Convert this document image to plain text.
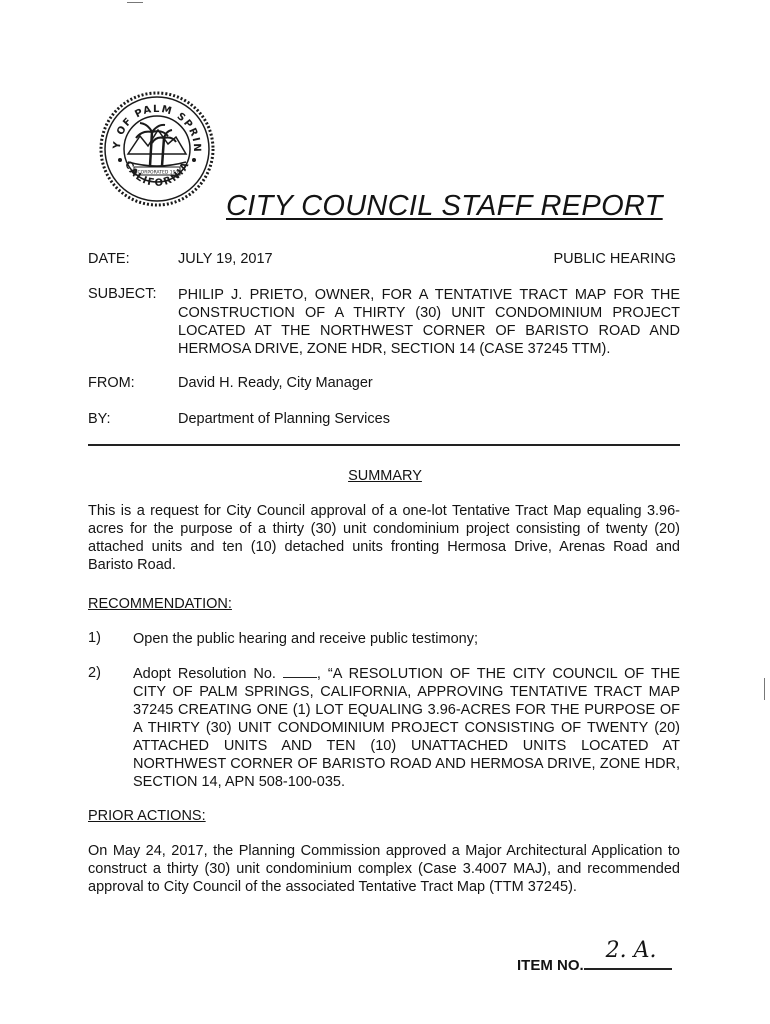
Y OF PALM SPRIN
CALIFORNIA
INCORPORATED 1938
CITY COUNCIL STAFF REPORT
DATE:	JULY 19, 2017	PUBLIC HEARING
SUBJECT: PHILIP J. PRIETO, OWNER, FOR A TENTATIVE TRACT MAP FOR THE CONSTRUCTION OF A THIRTY (30) UNIT CONDOMINIUM PROJECT LOCATED AT THE NORTHWEST CORNER OF BARISTO ROAD AND HERMOSA DRIVE, ZONE HDR, SECTION 14 (CASE 37245 TTM).
FROM:	David H. Ready, City Manager
BY:	Department of Planning Services
SUMMARY
This is a request for City Council approval of a one-lot Tentative Tract Map equaling 3.96-acres for the purpose of a thirty (30) unit condominium project consisting of twenty (20) attached units and ten (10) detached units fronting Hermosa Drive, Arenas Road and Baristo Road.
RECOMMENDATION:
1) Open the public hearing and receive public testimony;
2) Adopt Resolution No. , “A RESOLUTION OF THE CITY COUNCIL OF THE CITY OF PALM SPRINGS, CALIFORNIA, APPROVING TENTATIVE TRACT MAP 37245 CREATING ONE (1) LOT EQUALING 3.96-ACRES FOR THE PURPOSE OF A THIRTY (30) UNIT CONDOMINIUM PROJECT CONSISTING OF TWENTY (20) ATTACHED UNITS AND TEN (10) UNATTACHED UNITS LOCATED AT NORTHWEST CORNER OF BARISTO ROAD AND HERMOSA DRIVE, ZONE HDR, SECTION 14, APN 508-100-035.
PRIOR ACTIONS:
On May 24, 2017, the Planning Commission approved a Major Architectural Application to construct a thirty (30) unit condominium complex (Case 3.4007 MAJ), and recommended approval to City Council of the associated Tentative Tract Map (TTM 37245).
ITEM NO.
2. A.
